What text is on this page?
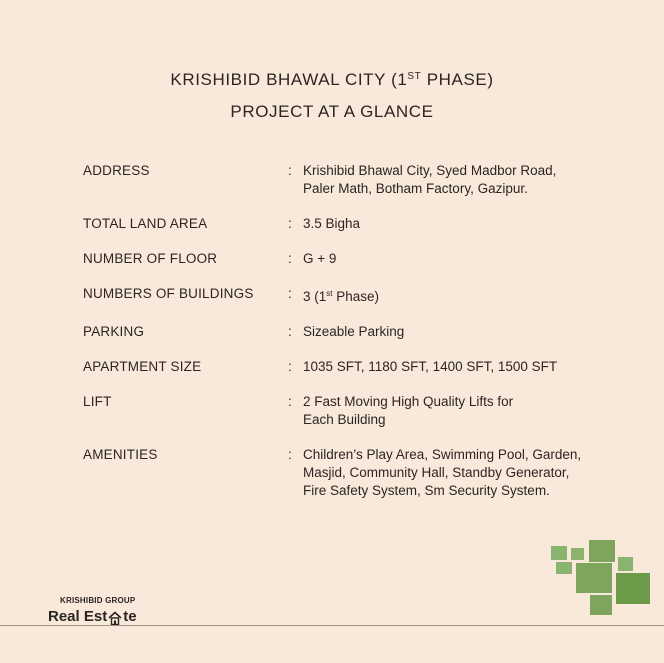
KRISHIBID BHAWAL CITY (1ST PHASE)
PROJECT AT A GLANCE
ADDRESS	: Krishibid Bhawal City, Syed Madbor Road,
Paler Math, Botham Factory, Gazipur.
TOTAL LAND AREA	: 3.5 Bigha
NUMBER OF FLOOR	: G + 9
NUMBERS OF BUILDINGS	: 3 (1st Phase)
PARKING	: Sizeable Parking
APARTMENT SIZE	: 1035 SFT, 1180 SFT, 1400 SFT, 1500 SFT
LIFT	: 2 Fast Moving High Quality Lifts for
Each Building
AMENITIES	: Children’s Play Area, Swimming Pool, Garden,
Masjid, Community Hall, Standby Generator,
Fire Safety System, Sm Security System.
KRISHIBID GROUP
Real Est te
